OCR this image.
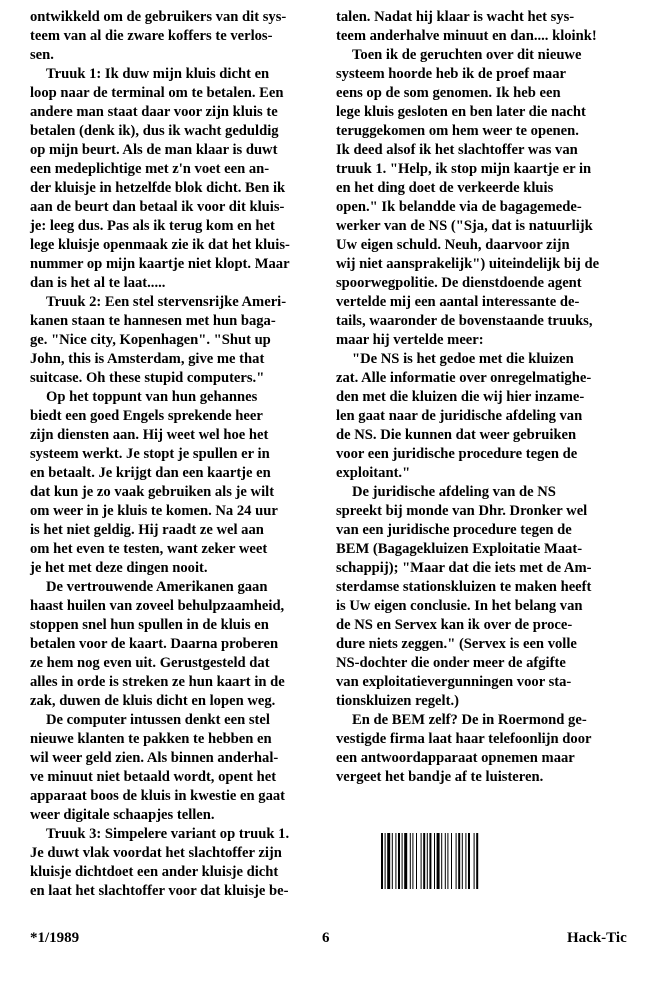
ontwikkeld om de gebruikers van dit sys-
teem van al die zware koffers te verlos-
sen.
Truuk 1: Ik duw mijn kluis dicht en
loop naar de terminal om te betalen. Een
andere man staat daar voor zijn kluis te
betalen (denk ik), dus ik wacht geduldig
op mijn beurt. Als de man klaar is duwt
een medeplichtige met z'n voet een an-
der kluisje in hetzelfde blok dicht. Ben ik
aan de beurt dan betaal ik voor dit kluis-
je: leeg dus. Pas als ik terug kom en het
lege kluisje openmaak zie ik dat het kluis-
nummer op mijn kaartje niet klopt. Maar
dan is het al te laat.....
Truuk 2: Een stel stervensrijke Ameri-
kanen staan te hannesen met hun baga-
ge. "Nice city, Kopenhagen". "Shut up
John, this is Amsterdam, give me that
suitcase. Oh these stupid computers."
Op het toppunt van hun gehannes
biedt een goed Engels sprekende heer
zijn diensten aan. Hij weet wel hoe het
systeem werkt. Je stopt je spullen er in
en betaalt. Je krijgt dan een kaartje en
dat kun je zo vaak gebruiken als je wilt
om weer in je kluis te komen. Na 24 uur
is het niet geldig. Hij raadt ze wel aan
om het even te testen, want zeker weet
je het met deze dingen nooit.
De vertrouwende Amerikanen gaan
haast huilen van zoveel behulpzaamheid,
stoppen snel hun spullen in de kluis en
betalen voor de kaart. Daarna proberen
ze hem nog even uit. Gerustgesteld dat
alles in orde is streken ze hun kaart in de
zak, duwen de kluis dicht en lopen weg.
De computer intussen denkt een stel
nieuwe klanten te pakken te hebben en
wil weer geld zien. Als binnen anderhal-
ve minuut niet betaald wordt, opent het
apparaat boos de kluis in kwestie en gaat
weer digitale schaapjes tellen.
Truuk 3: Simpelere variant op truuk 1.
Je duwt vlak voordat het slachtoffer zijn
kluisje dichtdoet een ander kluisje dicht
en laat het slachtoffer voor dat kluisje be-
talen. Nadat hij klaar is wacht het sys-
teem anderhalve minuut en dan.... kloink!
Toen ik de geruchten over dit nieuwe
systeem hoorde heb ik de proef maar
eens op de som genomen. Ik heb een
lege kluis gesloten en ben later die nacht
teruggekomen om hem weer te openen.
Ik deed alsof ik het slachtoffer was van
truuk 1. "Help, ik stop mijn kaartje er in
en het ding doet de verkeerde kluis
open." Ik belandde via de bagagemede-
werker van de NS ("Sja, dat is natuurlijk
Uw eigen schuld. Neuh, daarvoor zijn
wij niet aansprakelijk") uiteindelijk bij de
spoorwegpolitie. De dienstdoende agent
vertelde mij een aantal interessante de-
tails, waaronder de bovenstaande truuks,
maar hij vertelde meer:
"De NS is het gedoe met die kluizen
zat. Alle informatie over onregelmatighe-
den met die kluizen die wij hier inzame-
len gaat naar de juridische afdeling van
de NS. Die kunnen dat weer gebruiken
voor een juridische procedure tegen de
exploitant."
De juridische afdeling van de NS
spreekt bij monde van Dhr. Dronker wel
van een juridische procedure tegen de
BEM (Bagagekluizen Exploitatie Maat-
schappij); "Maar dat die iets met de Am-
sterdamse stationskluizen te maken heeft
is Uw eigen conclusie. In het belang van
de NS en Servex kan ik over de proce-
dure niets zeggen." (Servex is een volle
NS-dochter die onder meer de afgifte
van exploitatievergunningen voor sta-
tionskluizen regelt.)
En de BEM zelf? De in Roermond ge-
vestigde firma laat haar telefoonlijn door
een antwoordapparaat opnemen maar
vergeet het bandje af te luisteren.
*1/1989	6	Hack-Tic
